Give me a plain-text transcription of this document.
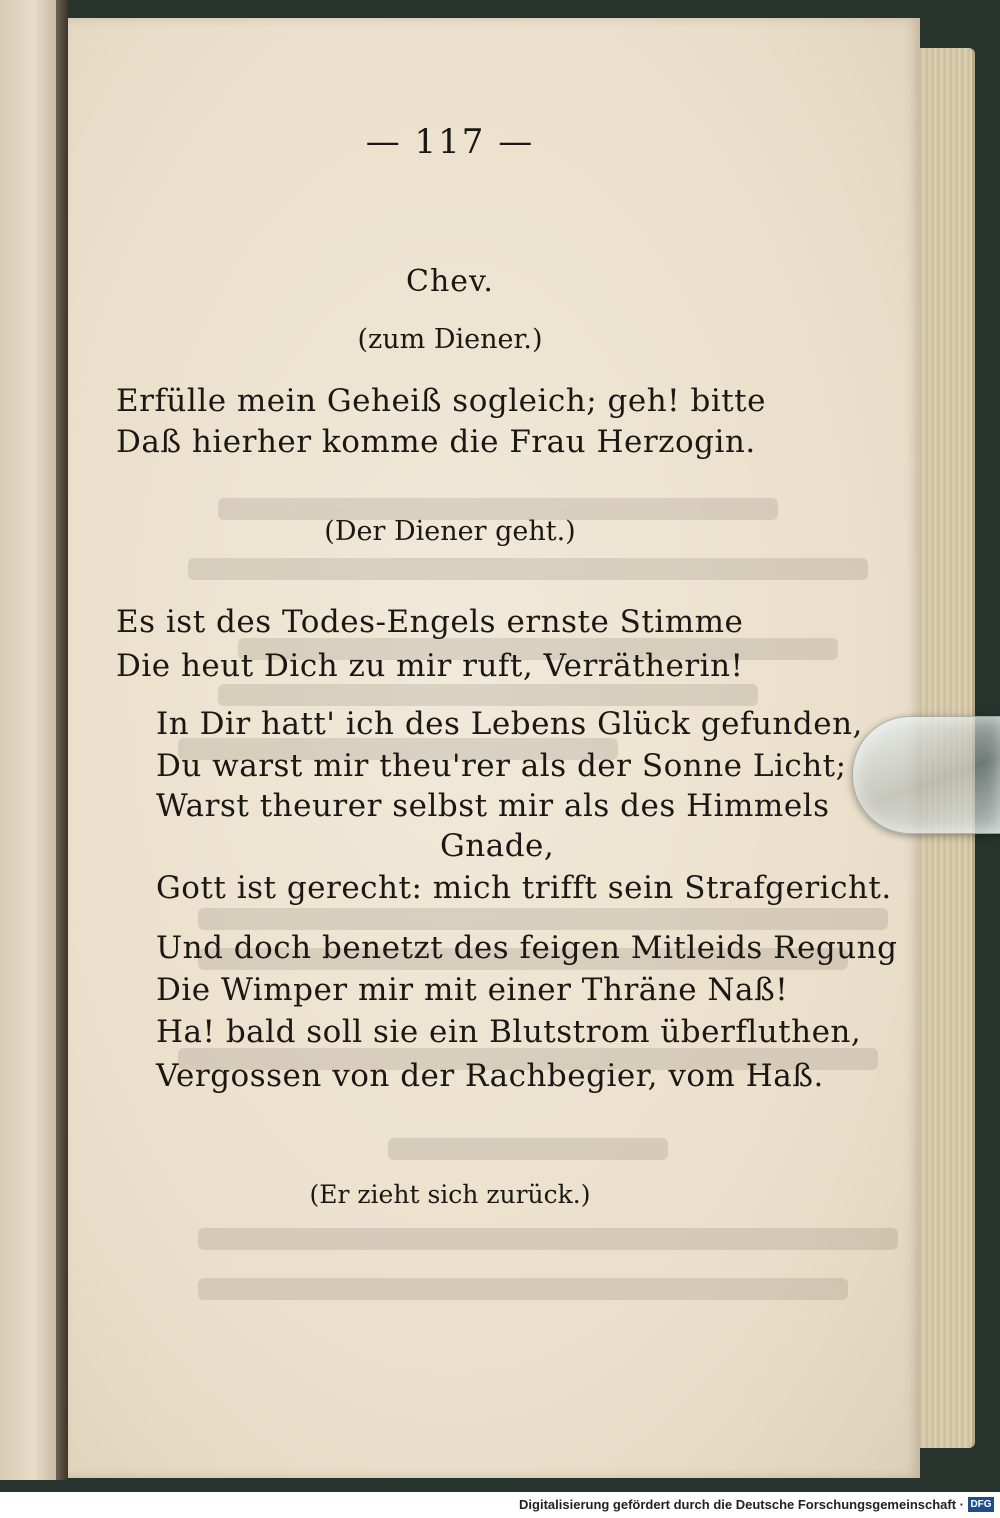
— 117 —
Chev.
(zum Diener.)
Erfülle mein Geheiß sogleich; geh! bitte
Daß hierher komme die Frau Herzogin.
(Der Diener geht.)
Es ist des Todes-Engels ernste Stimme
Die heut Dich zu mir ruft, Verrätherin!
In Dir hatt' ich des Lebens Glück gefunden,
Du warst mir theu'rer als der Sonne Licht;
Warst theurer selbst mir als des Himmels
Gnade,
Gott ist gerecht: mich trifft sein Strafgericht.
Und doch benetzt des feigen Mitleids Regung
Die Wimper mir mit einer Thräne Naß!
Ha! bald soll sie ein Blutstrom überfluthen,
Vergossen von der Rachbegier, vom Haß.
(Er zieht sich zurück.)
Digitalisierung gefördert durch die Deutsche Forschungsgemeinschaft · DFG
